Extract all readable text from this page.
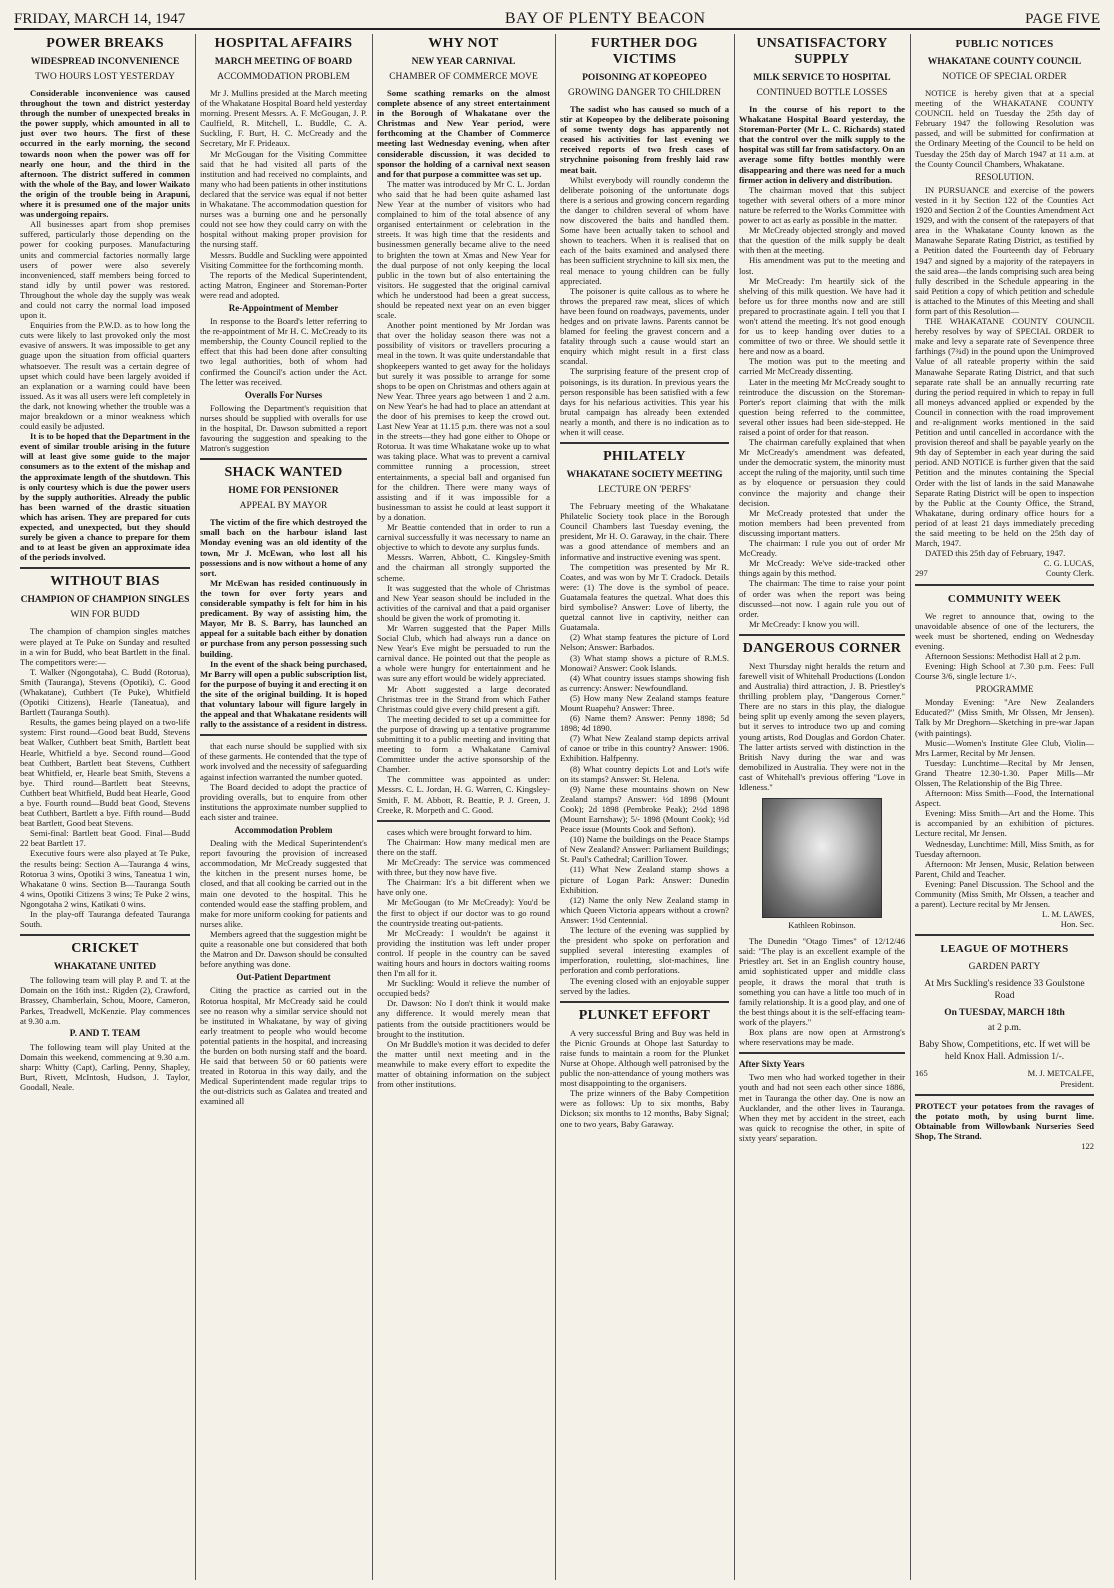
FRIDAY, MARCH 14, 1947	BAY OF PLENTY BEACON	PAGE FIVE
POWER BREAKS
WIDESPREAD INCONVENIENCE
TWO HOURS LOST YESTERDAY

Considerable inconvenience was caused throughout the town and district yesterday through the number of unexpected breaks in the power supply, which amounted in all to just over two hours. The first of these occurred in the early morning, the second towards noon when the power was off for nearly one hour, and the third in the afternoon. The district suffered in common with the whole of the Bay, and lower Waikato the origin of the trouble being in Arapuni, where it is presumed one of the major units was undergoing repairs.

All businesses apart from shop premises suffered, particularly those depending on the power for cooking purposes. Manufacturing units and commercial factories normally large users of power were also severely inconvenienced, staff members being forced to stand idly by until power was restored. Throughout the whole day the supply was weak and could not carry the normal load imposed upon it.

Enquiries from the P.W.D. as to how long the cuts were likely to last provoked only the most evasive of answers. It was impossible to get any guage upon the situation from official quarters whatsoever. The result was a certain degree of upset which could have been largely avoided if an explanation or a warning could have been issued. As it was all users were left completely in the dark, not knowing whether the trouble was a major breakdown or a minor weakness which could easily be adjusted.

It is to be hoped that the Department in the event of similar trouble arising in the future will at least give some guide to the major consumers as to the extent of the mishap and the approximate length of the shutdown. This is only courtesy which is due the power users by the supply authorities. Already the public has been warned of the drastic situation which has arisen. They are prepared for cuts expected, and unexpected, but they should surely be given a chance to prepare for them and to at least be given an approximate idea of the periods involved.

WITHOUT BIAS
CHAMPION OF CHAMPION SINGLES
WIN FOR BUDD

The champion of champion singles matches were played at Te Puke on Sunday and resulted in a win for Budd, who beat Bartlett in the final. The competitors were:—

T. Walker (Ngongotaha), C. Budd (Rotorua), Smith (Tauranga), Stevens (Opotiki), C. Good (Whakatane), Cuthbert (Te Puke), Whitfield (Opotiki Citizens), Hearle (Taneatua), and Bartlett (Tauranga South).

Results, the games being played on a two-life system: First round—Good beat Budd, Stevens beat Walker, Cuthbert beat Smith, Bartlett beat Hearle, Whitfield a bye. Second round—Good beat Cuthbert, Bartlett beat Stevens, Cuthbert beat Whitfield, er, Hearle beat Smith, Stevens a bye. Third round—Bartlett beat Steevns, Cuthbert beat Whitfield, Budd beat Hearle, Good a bye. Fourth round—Budd beat Good, Stevens beat Cuthbert, Bartlett a bye. Fifth round—Budd beat Bartlett, Good beat Stevens.

Semi-final: Bartlett beat Good. Final—Budd 22 beat Bartlett 17.

Executive fours were also played at Te Puke, the results being: Section A—Tauranga 4 wins, Rotorua 3 wins, Opotiki 3 wins, Taneatua 1 win, Whakatane 0 wins. Section B—Tauranga South 4 wins, Opotiki Citizens 3 wins; Te Puke 2 wins, Ngongotaha 2 wins, Katikati 0 wins.

In the play-off Tauranga defeated Tauranga South.

CRICKET
WHAKATANE UNITED

The following team will play P. and T. at the Domain on the 16th inst.: Rigden (2), Crawford, Brassey, Chamberlain, Schou, Moore, Cameron, Parkes, Treadwell, McKenzie. Play commences at 9.30 a.m.

P. AND T. TEAM

The following team will play United at the Domain this weekend, commencing at 9.30 a.m. sharp: Whitty (Capt), Carling, Penny, Shapley, Burt, Rivett, McIntosh, Hudson, J. Taylor, Goodall, Neale.

HOSPITAL AFFAIRS
MARCH MEETING OF BOARD
ACCOMMODATION PROBLEM

Mr J. Mullins presided at the March meeting of the Whakatane Hospital Board held yesterday morning. Present Messrs. A. F. McGougan, J. P. Caulfield, R. Mitchell, L. Buddle, C. A. Suckling, F. Burt, H. C. McCready and the Secretary, Mr F. Prideaux.

Mr McGougan for the Visiting Committee said that he had visited all parts of the institution and had received no complaints, and many who had been patients in other institutions declared that the service was equal if not better in Whakatane. The accommodation question for nurses was a burning one and he personally could not see how they could carry on with the hospital without making proper provision for the nursing staff.

Messrs. Buddle and Suckling were appointed Visiting Committee for the forthcoming month.

The reports of the Medical Superintendent, acting Matron, Engineer and Storeman-Porter were read and adopted.

Re-Appointment of Member

In response to the Board's letter referring to the re-appointment of Mr H. C. McCready to its membership, the County Council replied to the effect that this had been done after consulting two legal authorities, both of whom had confirmed the Council's action under the Act. The letter was received.

Overalls For Nurses

Following the Department's requisition that nurses should be supplied with overalls for use in the hospital, Dr. Dawson submitted a report favouring the suggestion and speaking to the Matron's suggestion

SHACK WANTED
HOME FOR PENSIONER
APPEAL BY MAYOR

The victim of the fire which destroyed the small bach on the harbour island last Monday evening was an old identity of the town, Mr J. McEwan, who lost all his possessions and is now without a home of any sort.

Mr McEwan has resided continuously in the town for over forty years and considerable sympathy is felt for him in his predicament. By way of assisting him, the Mayor, Mr B. S. Barry, has launched an appeal for a suitable bach either by donation or purchase from any person possessing such building.

In the event of the shack being purchased, Mr Barry will open a public subscription list, for the purpose of buying it and erecting it on the site of the original building. It is hoped that voluntary labour will figure largely in the appeal and that Whakatane residents will rally to the assistance of a resident in distress.

that each nurse should be supplied with six of these garments. He contended that the type of work involved and the necessity of safeguarding against infection warranted the number quoted.

The Board decided to adopt the practice of providing overalls, but to enquire from other institutions the approximate number supplied to each sister and trainee.

Accommodation Problem

Dealing with the Medical Superintendent's report favouring the provision of increased accommodation, Mr McCready suggested that the kitchen in the present nurses home, be closed, and that all cooking be carried out in the main one devoted to the hospital. This he contended would ease the staffing problem, and make for more uniform cooking for patients and nurses alike.

Members agreed that the suggestion might be quite a reasonable one but considered that both the Matron and Dr. Dawson should be consulted before anything was done.

Out-Patient Department

Citing the practice as carried out in the Rotorua hospital, Mr McCready said he could see no reason why a similar service should not be instituted in Whakatane, by way of giving early treatment to people who would become potential patients in the hospital, and increasing the burden on both nursing staff and the board. He said that between 50 or 60 patients were treated in Rotorua in this way daily, and the Medical Superintendent made regular trips to the out-districts such as Galatea and treated and examined all

WHY NOT
NEW YEAR CARNIVAL
CHAMBER OF COMMERCE MOVE

Some scathing remarks on the almost complete absence of any street entertainment in the Borough of Whakatane over the Christmas and New Year period, were forthcoming at the Chamber of Commerce meeting last Wednesday evening, when after considerable discussion, it was decided to sponsor the holding of a carnival next season and for that purpose a committee was set up.

The matter was introduced by Mr C. L. Jordan who said that he had been quite ashamed last New Year at the number of visitors who had complained to him of the total absence of any organised entertainment or celebration in the streets. It was high time that the residents and businessmen generally became alive to the need to brighten the town at Xmas and New Year for the dual purpose of not only keeping the local public in the town but of also entertaining the visitors. He suggested that the original carnival which he understood had been a great success, should be repeated next year on an even bigger scale.

Another point mentioned by Mr Jordan was that over the holiday season there was not a possibility of visitors or travellers procuring a meal in the town. It was quite understandable that shopkeepers wanted to get away for the holidays but surely it was possible to arrange for some shops to be open on Christmas and others again at New Year. Three years ago between 1 and 2 a.m. on New Year's he had had to place an attendant at the door of his premises to keep the crowd out. Last New Year at 11.15 p.m. there was not a soul in the streets—they had gone either to Ohope or Rotorua. It was time Whakatane woke up to what was taking place. What was to prevent a carnival committee running a procession, street entertainments, a special ball and organised fun for the children. There were many ways of assisting and if it was impossible for a businessman to assist he could at least support it by a donation.

Mr Beattie contended that in order to run a carnival successfully it was necessary to name an objective to which to devote any surplus funds.

Messrs. Warren, Abbott, C. Kingsley-Smith and the chairman all strongly supported the scheme.

It was suggested that the whole of Christmas and New Year season should be included in the activities of the carnival and that a paid organiser should be given the work of promoting it.

Mr Warren suggested that the Paper Mills Social Club, which had always run a dance on New Year's Eve might be persuaded to run the carnival dance. He pointed out that the people as a whole were hungry for entertainment and he was sure any effort would be widely appreciated.

Mr Abott suggested a large decorated Christmas tree in the Strand from which Father Christmas could give every child present a gift.

The meeting decided to set up a committee for the purpose of drawing up a tentative programme submitting it to a public meeting and inviting that meeting to form a Whakatane Carnival Committee under the active sponsorship of the Chamber.

The committee was appointed as under: Messrs. C. L. Jordan, H. G. Warren, C. Kingsley-Smith, F. M. Abbott, R. Beattie, P. J. Green, J. Creeke, R. Morpeth and C. Good.

cases which were brought forward to him.

The Chairman: How many medical men are there on the staff.

Mr McCready: The service was commenced with three, but they now have five.

The Chairman: It's a bit different when we have only one.

Mr McGougan (to Mr McCready): You'd be the first to object if our doctor was to go round the countryside treating out-patients.

Mr McCready: I wouldn't be against it providing the institution was left under proper control. If people in the country can be saved waiting hours and hours in doctors waiting rooms then I'm all for it.

Mr Suckling: Would it relieve the number of occupied beds?

Dr. Dawson: No I don't think it would make any difference. It would merely mean that patients from the outside practitioners would be brought to the institution.

On Mr Buddle's motion it was decided to defer the matter until next meeting and in the meanwhile to make every effort to expedite the matter of obtaining information on the subject from other institutions.

FURTHER DOG VICTIMS
POISONING AT KOPEOPEO
GROWING DANGER TO CHILDREN

The sadist who has caused so much of a stir at Kopeopeo by the deliberate poisoning of some twenty dogs has apparently not ceased his activities for last evening we received reports of two fresh cases of strychnine poisoning from freshly laid raw meat bait.

Whilst everybody will roundly condemn the deliberate poisoning of the unfortunate dogs there is a serious and growing concern regarding the danger to children several of whom have now discovered the baits and handled them. Some have been actually taken to school and shown to teachers. When it is realised that on each of the baits examined and analysed there has been sufficient strychnine to kill six men, the real menace to young children can be fully appreciated.

The poisoner is quite callous as to where he throws the prepared raw meat, slices of which have been found on roadways, pavements, under hedges and on private lawns. Parents cannot be blamed for feeling the gravest concern and a fatality through such a cause would start an enquiry which might result in a first class scandal.

The surprising feature of the present crop of poisonings, is its duration. In previous years the person responsible has been satisfied with a few days for his nefarious activities. This year his brutal campaign has already been extended nearly a month, and there is no indication as to when it will cease.

PHILATELY
WHAKATANE SOCIETY MEETING
LECTURE ON 'PERFS'

The February meeting of the Whakatane Philatelic Society took place in the Borough Council Chambers last Tuesday evening, the president, Mr H. O. Garaway, in the chair. There was a good attendance of members and an informative and instructive evening was spent.

The competition was presented by Mr R. Coates, and was won by Mr T. Cradock. Details were: (1) The dove is the symbol of peace. Guatamala features the quetzal. What does this bird symbolise? Answer: Love of liberty, the quetzal cannot live in captivity, neither can Guatamala.

(2) What stamp features the picture of Lord Nelson; Answer: Barbados.

(3) What stamp shows a picture of R.M.S. Monowai? Answer: Cook Islands.

(4) What country issues stamps showing fish as currency: Answer: Newfoundland.

(5) How many New Zealand stamps feature Mount Ruapehu? Answer: Three.

(6) Name them? Answer: Penny 1898; 5d 1898; 4d 1890.

(7) What New Zealand stamp depicts arrival of canoe or tribe in this country? Answer: 1906. Exhibition. Halfpenny.

(8) What country depicts Lot and Lot's wife on its stamps? Answer: St. Helena.

(9) Name these mountains shown on New Zealand stamps? Answer: ½d 1898 (Mount Cook); 2d 1898 (Pembroke Peak); 2½d 1898 (Mount Earnshaw); 5/- 1898 (Mount Cook); ½d Peace issue (Mounts Cook and Sefton).

(10) Name the buildings on the Peace Stamps of New Zealand? Answer: Parliament Buildings; St. Paul's Cathedral; Carillion Tower.

(11) What New Zealand stamp shows a picture of Logan Park: Answer: Dunedin Exhibition.

(12) Name the only New Zealand stamp in which Queen Victoria appears without a crown? Answer: 1½d Centennial.

The lecture of the evening was supplied by the president who spoke on perforation and supplied several interesting examples of imperforation, rouletting, slot-machines, line perforation and comb perforations.

The evening closed with an enjoyable supper served by the ladies.

PLUNKET EFFORT

A very successful Bring and Buy was held in the Picnic Grounds at Ohope last Saturday to raise funds to maintain a room for the Plunket Nurse at Ohope. Although well patronised by the public the non-attendance of young mothers was most disappointing to the organisers.

The prize winners of the Baby Competition were as follows: Up to six months, Baby Dickson; six months to 12 months, Baby Signal; one to two years, Baby Garaway.

UNSATISFACTORY SUPPLY
MILK SERVICE TO HOSPITAL
CONTINUED BOTTLE LOSSES

In the course of his report to the Whakatane Hospital Board yesterday, the Storeman-Porter (Mr L. C. Richards) stated that the control over the milk supply to the hospital was still far from satisfactory. On an average some fifty bottles monthly were disappearing and there was need for a much firmer action in delivery and distribution.

The chairman moved that this subject together with several others of a more minor nature be referred to the Works Committee with power to act as early as possible in the matter.

Mr McCready objected strongly and moved that the question of the milk supply be dealt with then at the meeting.

His amendment was put to the meeting and lost.

Mr McCready: I'm heartily sick of the shelving of this milk question. We have had it before us for three months now and are still prepared to procrastinate again. I tell you that I won't attend the meeting. It's not good enough for us to keep handing over duties to a committee of two or three. We should settle it here and now as a board.

The motion was put to the meeting and carried Mr McCready dissenting.

Later in the meeting Mr McCready sought to reintroduce the discussion on the Storeman-Porter's report claiming that with the milk question being referred to the committee, several other issues had been side-stepped. He raised a point of order for that reason.

The chairman carefully explained that when Mr McCready's amendment was defeated, under the democratic system, the minority must accept the ruling of the majority, until such time as by eloquence or persuasion they could convince the majority and change their decision.

Mr McCready protested that under the motion members had been prevented from discussing important matters.

The chairman: I rule you out of order Mr McCready.

Mr McCready: We've side-tracked other things again by this method.

The chairman: The time to raise your point of order was when the report was being discussed—not now. I again rule you out of order.

Mr McCready: I know you will.

DANGEROUS CORNER

Next Thursday night heralds the return and farewell visit of Whitehall Productions (London and Australia) third attraction, J. B. Priestley's thrilling problem play, "Dangerous Corner." There are no stars in this play, the dialogue being split up evenly among the seven players, but it serves to introduce two up and coming young artists, Rod Douglas and Gordon Chater. The latter artists served with distinction in the British Navy during the war and was demobilized in Australia. They were not in the cast of Whitehall's previous offering "Love in Idleness."

Kathleen Robinson.

The Dunedin "Otago Times" of 12/12/46 said: "The play is an excellent example of the Priestley art. Set in an English country house, amid sophisticated upper and middle class people, it draws the moral that truth is something you can have a little too much of in family relationship. It is a good play, and one of the best things about it is the self-effacing team-work of the players."

Box plans are now open at Armstrong's where reservations may be made.

After Sixty Years

Two men who had worked together in their youth and had not seen each other since 1886, met in Tauranga the other day. One is now an Aucklander, and the other lives in Tauranga. When they met by accident in the street, each was quick to recognise the other, in spite of sixty years' separation.

PUBLIC NOTICES
WHAKATANE COUNTY COUNCIL
NOTICE OF SPECIAL ORDER

NOTICE is hereby given that at a special meeting of the WHAKATANE COUNTY COUNCIL held on Tuesday the 25th day of February 1947 the following Resolution was passed, and will be submitted for confirmation at the Ordinary Meeting of the Council to be held on Tuesday the 25th day of March 1947 at 11 a.m. at the County Council Chambers, Whakatane.

RESOLUTION.

IN PURSUANCE and exercise of the powers vested in it by Section 122 of the Counties Act 1920 and Section 2 of the Counties Amendment Act 1929, and with the consent of the ratepayers of that area in the Whakatane County known as the Manawahe Separate Rating District, as testified by a Petition dated the Fourteenth day of February 1947 and signed by a majority of the ratepayers in the said area—the lands comprising such area being fully described in the Schedule appearing in the said Petition a copy of which petition and schedule is attached to the Minutes of this Meeting and shall form part of this Resolution—

THE WHAKATANE COUNTY COUNCIL hereby resolves by way of SPECIAL ORDER to make and levy a separate rate of Sevenpence three farthings (7¾d) in the pound upon the Unimproved Value of all rateable property within the said Manawahe Separate Rating District, and that such separate rate shall be an annually recurring rate during the period required in which to repay in full all moneys advanced applied or expended by the Council in connection with the road improvement and re-alignment works mentioned in the said Petition and until cancelled in accordance with the provision thereof and shall be payable yearly on the 9th day of September in each year during the said period. AND NOTICE is further given that the said Petition and the minutes containing the Special Order with the list of lands in the said Manawahe Separate Rating District will be open to inspection by the Public at the County Office, the Strand, Whakatane, during ordinary office hours for a period of at least 21 days immediately preceding the said meeting to be held on the 25th day of March, 1947.

DATED this 25th day of February, 1947.

C. G. LUCAS,
297	County Clerk.
COMMUNITY WEEK

We regret to announce that, owing to the unavoidable absence of one of the lecturers, the week must be shortened, ending on Wednesday evening.

Afternoon Sessions: Methodist Hall at 2 p.m.

Evening: High School at 7.30 p.m. Fees: Full Course 3/6, single lecture 1/-.

PROGRAMME

Monday Evening: "Are New Zealanders Educated?" (Miss Smith, Mr Olssen, Mr Jensen). Talk by Mr Dreghorn—Sketching in pre-war Japan (with paintings).

Music—Women's Institute Glee Club, Violin—Mrs Larmer, Recital by Mr Jensen.

Tuesday: Lunchtime—Recital by Mr Jensen, Grand Theatre 12.30-1.30. Paper Mills—Mr Olssen, The Relationship of the Big Three.

Afternoon: Miss Smith—Food, the International Aspect.

Evening: Miss Smith—Art and the Home. This is accompanied by an exhibition of pictures. Lecture recital, Mr Jensen.

Wednesday, Lunchtime: Mill, Miss Smith, as for Tuesday afternoon.

Afternoon: Mr Jensen, Music, Relation between Parent, Child and Teacher.

Evening: Panel Discussion. The School and the Community (Miss Smith, Mr Olssen, a teacher and a parent). Lecture recital by Mr Jensen.

L. M. LAWES,
Hon. Sec.
LEAGUE OF MOTHERS
GARDEN PARTY
At Mrs Suckling's residence 33 Goulstone Road
On TUESDAY, MARCH 18th
at 2 p.m.
Baby Show, Competitions, etc. If wet will be held Knox Hall. Admission 1/-.
165	M. J. METCALFE,
President.

PROTECT your potatoes from the ravages of the potato moth, by using burnt lime. Obtainable from Willowbank Nurseries Seed Shop, The Strand.

122
